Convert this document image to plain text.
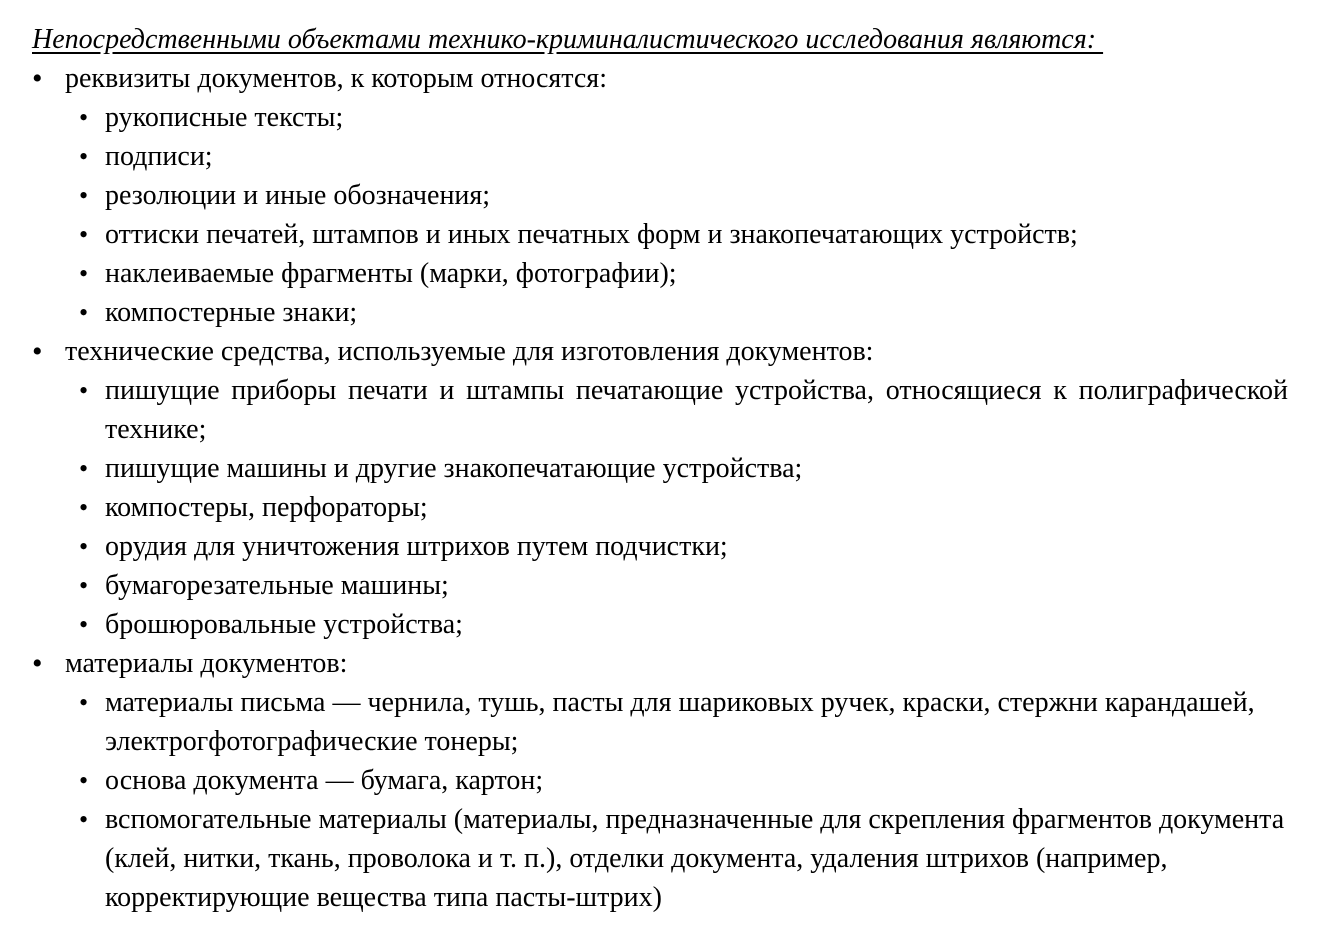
Непосредственными объектами технико-криминалистического исследования являются:

• реквизиты документов, к которым относятся:
• рукописные тексты;
• подписи;
• резолюции и иные обозначения;
• оттиски печатей, штампов и иных печатных форм и знакопечатающих устройств;
• наклеиваемые фрагменты (марки, фотографии);
• компостерные знаки;
• технические средства, используемые для изготовления документов:
• пишущие приборы печати и штампы печатающие устройства, относящиеся к полиграфической технике;
• пишущие машины и другие знакопечатающие устройства;
• компостеры, перфораторы;
• орудия для уничтожения штрихов путем подчистки;
• бумагорезательные машины;
• брошюровальные устройства;
• материалы документов:
• материалы письма — чернила, тушь, пасты для шариковых ручек, краски, стержни карандашей, электрогфотографические тонеры;
• основа документа — бумага, картон;
• вспомогательные материалы (материалы, предназначенные для скрепления фрагментов документа (клей, нитки, ткань, проволока и т. п.), отделки документа, удаления штрихов (например, корректирующие вещества типа пасты-штрих)
